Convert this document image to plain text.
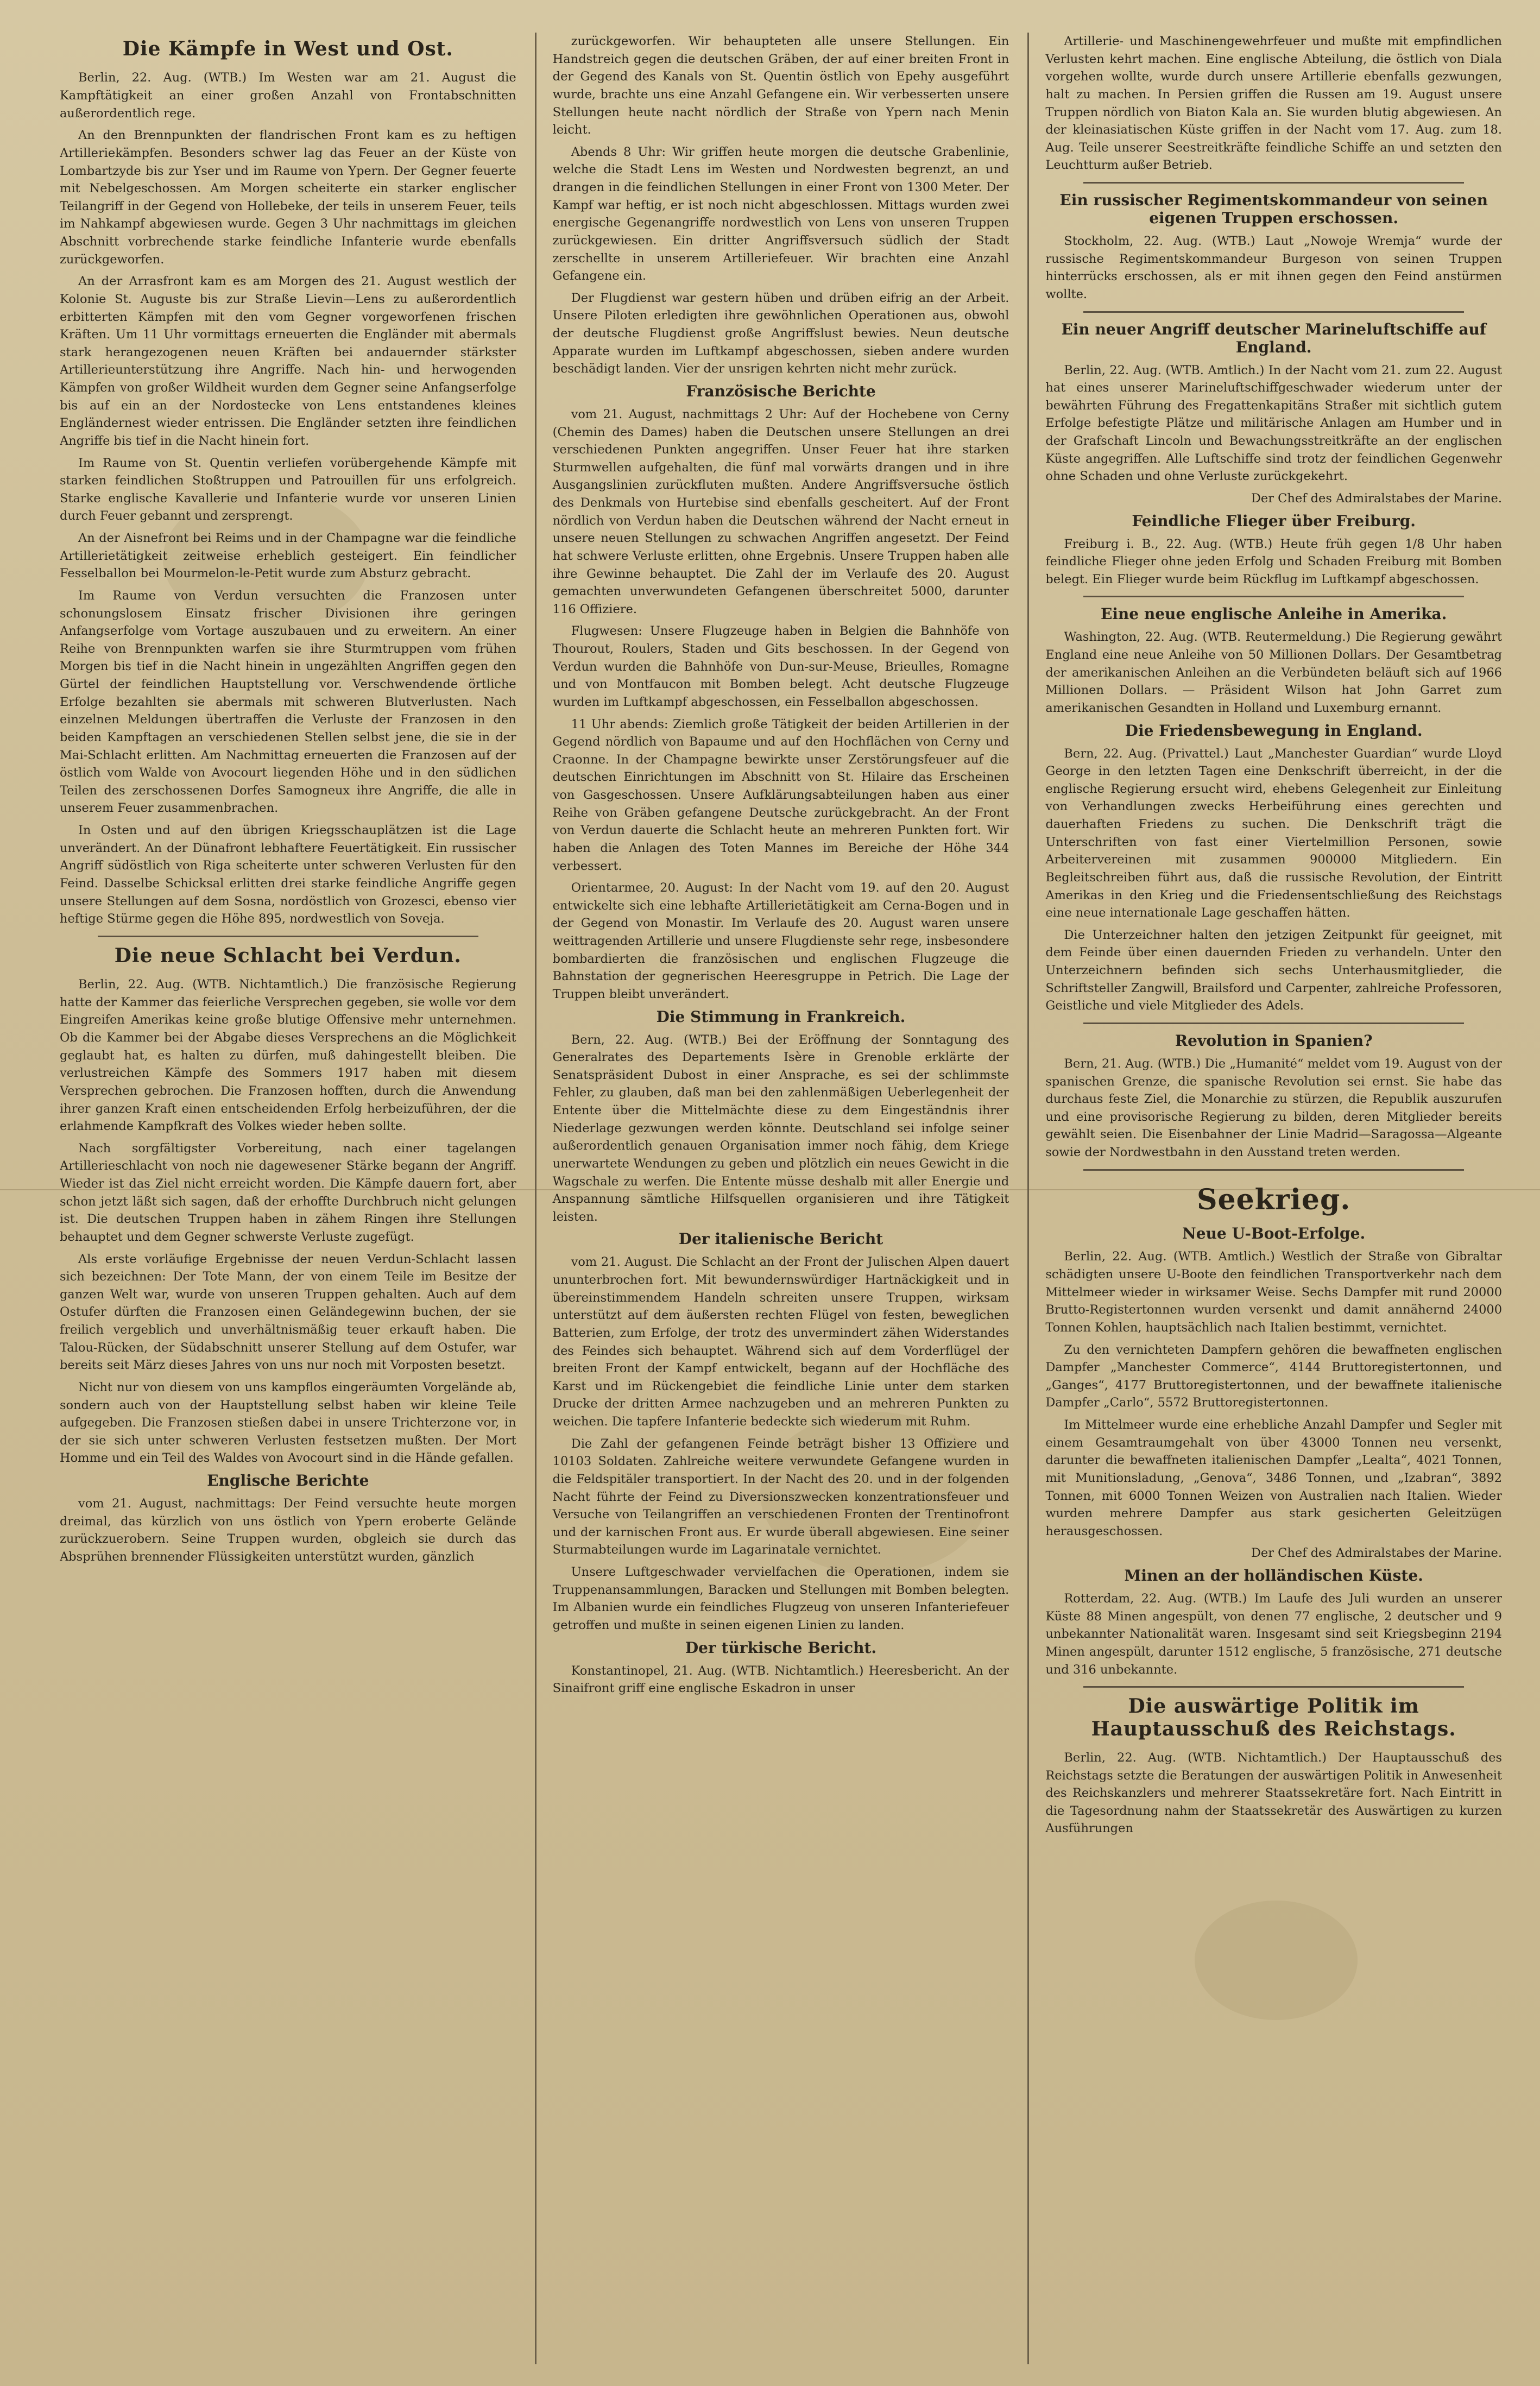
Die Kämpfe in West und Ost.

Berlin, 22. Aug. (WTB.) Im Westen war am 21. August die Kampftätigkeit an einer großen Anzahl von Frontabschnitten außerordentlich rege.

An den Brennpunkten der flandrischen Front kam es zu heftigen Artilleriekämpfen. Besonders schwer lag das Feuer an der Küste von Lombartzyde bis zur Yser und im Raume von Ypern. Der Gegner feuerte mit Nebelgeschossen. Am Morgen scheiterte ein starker englischer Teilangriff in der Gegend von Hollebeke, der teils in unserem Feuer, teils im Nahkampf abgewiesen wurde. Gegen 3 Uhr nachmittags im gleichen Abschnitt vorbrechende starke feindliche Infanterie wurde ebenfalls zurückgeworfen.

An der Arrasfront kam es am Morgen des 21. August westlich der Kolonie St. Auguste bis zur Straße Lievin—Lens zu außerordentlich erbitterten Kämpfen mit den vom Gegner vorgeworfenen frischen Kräften. Um 11 Uhr vormittags erneuerten die Engländer mit abermals stark herangezogenen neuen Kräften bei andauernder stärkster Artillerieunterstützung ihre Angriffe. Nach hin- und herwogenden Kämpfen von großer Wildheit wurden dem Gegner seine Anfangserfolge bis auf ein an der Nordostecke von Lens entstandenes kleines Engländernest wieder entrissen. Die Engländer setzten ihre feindlichen Angriffe bis tief in die Nacht hinein fort.

Im Raume von St. Quentin verliefen vorübergehende Kämpfe mit starken feindlichen Stoßtruppen und Patrouillen für uns erfolgreich. Starke englische Kavallerie und Infanterie wurde vor unseren Linien durch Feuer gebannt und zersprengt.

An der Aisnefront bei Reims und in der Champagne war die feindliche Artillerietätigkeit zeitweise erheblich gesteigert. Ein feindlicher Fesselballon bei Mourmelon-le-Petit wurde zum Absturz gebracht.

Im Raume von Verdun versuchten die Franzosen unter schonungslosem Einsatz frischer Divisionen ihre geringen Anfangserfolge vom Vortage auszubauen und zu erweitern. An einer Reihe von Brennpunkten warfen sie ihre Sturmtruppen vom frühen Morgen bis tief in die Nacht hinein in ungezählten Angriffen gegen den Gürtel der feindlichen Hauptstellung vor. Verschwendende örtliche Erfolge bezahlten sie abermals mit schweren Blutverlusten. Nach einzelnen Meldungen übertraffen die Verluste der Franzosen in den beiden Kampftagen an verschiedenen Stellen selbst jene, die sie in der Mai-Schlacht erlitten. Am Nachmittag erneuerten die Franzosen auf der östlich vom Walde von Avocourt liegenden Höhe und in den südlichen Teilen des zerschossenen Dorfes Samogneux ihre Angriffe, die alle in unserem Feuer zusammenbrachen.

In Osten und auf den übrigen Kriegsschauplätzen ist die Lage unverändert. An der Dünafront lebhaftere Feuertätigkeit. Ein russischer Angriff südöstlich von Riga scheiterte unter schweren Verlusten für den Feind. Dasselbe Schicksal erlitten drei starke feindliche Angriffe gegen unsere Stellungen auf dem Sosna, nordöstlich von Grozesci, ebenso vier heftige Stürme gegen die Höhe 895, nordwestlich von Soveja.

Die neue Schlacht bei Verdun.

Berlin, 22. Aug. (WTB. Nichtamtlich.) Die französische Regierung hatte der Kammer das feierliche Versprechen gegeben, sie wolle vor dem Eingreifen Amerikas keine große blutige Offensive mehr unternehmen. Ob die Kammer bei der Abgabe dieses Versprechens an die Möglichkeit geglaubt hat, es halten zu dürfen, muß dahingestellt bleiben. Die verlustreichen Kämpfe des Sommers 1917 haben mit diesem Versprechen gebrochen. Die Franzosen hofften, durch die Anwendung ihrer ganzen Kraft einen entscheidenden Erfolg herbeizuführen, der die erlahmende Kampfkraft des Volkes wieder heben sollte.

Nach sorgfältigster Vorbereitung, nach einer tagelangen Artillerieschlacht von noch nie dagewesener Stärke begann der Angriff. Wieder ist das Ziel nicht erreicht worden. Die Kämpfe dauern fort, aber schon jetzt läßt sich sagen, daß der erhoffte Durchbruch nicht gelungen ist. Die deutschen Truppen haben in zähem Ringen ihre Stellungen behauptet und dem Gegner schwerste Verluste zugefügt.

Als erste vorläufige Ergebnisse der neuen Verdun-Schlacht lassen sich bezeichnen: Der Tote Mann, der von einem Teile im Besitze der ganzen Welt war, wurde von unseren Truppen gehalten. Auch auf dem Ostufer dürften die Franzosen einen Geländegewinn buchen, der sie freilich vergeblich und unverhältnismäßig teuer erkauft haben. Die Talou-Rücken, der Südabschnitt unserer Stellung auf dem Ostufer, war bereits seit März dieses Jahres von uns nur noch mit Vorposten besetzt.

Nicht nur von diesem von uns kampflos eingeräumten Vorgelände ab, sondern auch von der Hauptstellung selbst haben wir kleine Teile aufgegeben. Die Franzosen stießen dabei in unsere Trichterzone vor, in der sie sich unter schweren Verlusten festsetzen mußten. Der Mort Homme und ein Teil des Waldes von Avocourt sind in die Hände gefallen.

Englische Berichte

vom 21. August, nachmittags: Der Feind versuchte heute morgen dreimal, das kürzlich von uns östlich von Ypern eroberte Gelände zurückzuerobern. Seine Truppen wurden, obgleich sie durch das Absprühen brennender Flüssigkeiten unterstützt wurden, gänzlich

zurückgeworfen. Wir behaupteten alle unsere Stellungen. Ein Handstreich gegen die deutschen Gräben, der auf einer breiten Front in der Gegend des Kanals von St. Quentin östlich von Epehy ausgeführt wurde, brachte uns eine Anzahl Gefangene ein. Wir verbesserten unsere Stellungen heute nacht nördlich der Straße von Ypern nach Menin leicht.

Abends 8 Uhr: Wir griffen heute morgen die deutsche Grabenlinie, welche die Stadt Lens im Westen und Nordwesten begrenzt, an und drangen in die feindlichen Stellungen in einer Front von 1300 Meter. Der Kampf war heftig, er ist noch nicht abgeschlossen. Mittags wurden zwei energische Gegenangriffe nordwestlich von Lens von unseren Truppen zurückgewiesen. Ein dritter Angriffsversuch südlich der Stadt zerschellte in unserem Artilleriefeuer. Wir brachten eine Anzahl Gefangene ein.

Der Flugdienst war gestern hüben und drüben eifrig an der Arbeit. Unsere Piloten erledigten ihre gewöhnlichen Operationen aus, obwohl der deutsche Flugdienst große Angriffslust bewies. Neun deutsche Apparate wurden im Luftkampf abgeschossen, sieben andere wurden beschädigt landen. Vier der unsrigen kehrten nicht mehr zurück.

Französische Berichte

vom 21. August, nachmittags 2 Uhr: Auf der Hochebene von Cerny (Chemin des Dames) haben die Deutschen unsere Stellungen an drei verschiedenen Punkten angegriffen. Unser Feuer hat ihre starken Sturmwellen aufgehalten, die fünf mal vorwärts drangen und in ihre Ausgangslinien zurückfluten mußten. Andere Angriffsversuche östlich des Denkmals von Hurtebise sind ebenfalls gescheitert. Auf der Front nördlich von Verdun haben die Deutschen während der Nacht erneut in unsere neuen Stellungen zu schwachen Angriffen angesetzt. Der Feind hat schwere Verluste erlitten, ohne Ergebnis. Unsere Truppen haben alle ihre Gewinne behauptet. Die Zahl der im Verlaufe des 20. August gemachten unverwundeten Gefangenen überschreitet 5000, darunter 116 Offiziere.

Flugwesen: Unsere Flugzeuge haben in Belgien die Bahnhöfe von Thourout, Roulers, Staden und Gits beschossen. In der Gegend von Verdun wurden die Bahnhöfe von Dun-sur-Meuse, Brieulles, Romagne und von Montfaucon mit Bomben belegt. Acht deutsche Flugzeuge wurden im Luftkampf abgeschossen, ein Fesselballon abgeschossen.

11 Uhr abends: Ziemlich große Tätigkeit der beiden Artillerien in der Gegend nördlich von Bapaume und auf den Hochflächen von Cerny und Craonne. In der Champagne bewirkte unser Zerstörungsfeuer auf die deutschen Einrichtungen im Abschnitt von St. Hilaire das Erscheinen von Gasgeschossen. Unsere Aufklärungsabteilungen haben aus einer Reihe von Gräben gefangene Deutsche zurückgebracht. An der Front von Verdun dauerte die Schlacht heute an mehreren Punkten fort. Wir haben die Anlagen des Toten Mannes im Bereiche der Höhe 344 verbessert.

Orientarmee, 20. August: In der Nacht vom 19. auf den 20. August entwickelte sich eine lebhafte Artillerietätigkeit am Cerna-Bogen und in der Gegend von Monastir. Im Verlaufe des 20. August waren unsere weittragenden Artillerie und unsere Flugdienste sehr rege, insbesondere bombardierten die französischen und englischen Flugzeuge die Bahnstation der gegnerischen Heeresgruppe in Petrich. Die Lage der Truppen bleibt unverändert.

Die Stimmung in Frankreich.

Bern, 22. Aug. (WTB.) Bei der Eröffnung der Sonntagung des Generalrates des Departements Isère in Grenoble erklärte der Senatspräsident Dubost in einer Ansprache, es sei der schlimmste Fehler, zu glauben, daß man bei den zahlenmäßigen Ueberlegenheit der Entente über die Mittelmächte diese zu dem Eingeständnis ihrer Niederlage gezwungen werden könnte. Deutschland sei infolge seiner außerordentlich genauen Organisation immer noch fähig, dem Kriege unerwartete Wendungen zu geben und plötzlich ein neues Gewicht in die Wagschale zu werfen. Die Entente müsse deshalb mit aller Energie und Anspannung sämtliche Hilfsquellen organisieren und ihre Tätigkeit leisten.

Der italienische Bericht

vom 21. August. Die Schlacht an der Front der Julischen Alpen dauert ununterbrochen fort. Mit bewundernswürdiger Hartnäckigkeit und in übereinstimmendem Handeln schreiten unsere Truppen, wirksam unterstützt auf dem äußersten rechten Flügel von festen, beweglichen Batterien, zum Erfolge, der trotz des unvermindert zähen Widerstandes des Feindes sich behauptet. Während sich auf dem Vorderflügel der breiten Front der Kampf entwickelt, begann auf der Hochfläche des Karst und im Rückengebiet die feindliche Linie unter dem starken Drucke der dritten Armee nachzugeben und an mehreren Punkten zu weichen. Die tapfere Infanterie bedeckte sich wiederum mit Ruhm.

Die Zahl der gefangenen Feinde beträgt bisher 13 Offiziere und 10103 Soldaten. Zahlreiche weitere verwundete Gefangene wurden in die Feldspitäler transportiert. In der Nacht des 20. und in der folgenden Nacht führte der Feind zu Diversionszwecken konzentrationsfeuer und Versuche von Teilangriffen an verschiedenen Fronten der Trentinofront und der karnischen Front aus. Er wurde überall abgewiesen. Eine seiner Sturmabteilungen wurde im Lagarinatale vernichtet.

Unsere Luftgeschwader vervielfachen die Operationen, indem sie Truppenansammlungen, Baracken und Stellungen mit Bomben belegten. Im Albanien wurde ein feindliches Flugzeug von unseren Infanteriefeuer getroffen und mußte in seinen eigenen Linien zu landen.

Der türkische Bericht.

Konstantinopel, 21. Aug. (WTB. Nichtamtlich.) Heeresbericht. An der Sinaifront griff eine englische Eskadron in unser

Artillerie- und Maschinengewehrfeuer und mußte mit empfindlichen Verlusten kehrt machen. Eine englische Abteilung, die östlich von Diala vorgehen wollte, wurde durch unsere Artillerie ebenfalls gezwungen, halt zu machen. In Persien griffen die Russen am 19. August unsere Truppen nördlich von Biaton Kala an. Sie wurden blutig abgewiesen. An der kleinasiatischen Küste griffen in der Nacht vom 17. Aug. zum 18. Aug. Teile unserer Seestreitkräfte feindliche Schiffe an und setzten den Leuchtturm außer Betrieb.

Ein russischer Regimentskommandeur von seinen eigenen Truppen erschossen.

Stockholm, 22. Aug. (WTB.) Laut „Nowoje Wremja“ wurde der russische Regimentskommandeur Burgeson von seinen Truppen hinterrücks erschossen, als er mit ihnen gegen den Feind anstürmen wollte.

Ein neuer Angriff deutscher Marineluftschiffe auf England.

Berlin, 22. Aug. (WTB. Amtlich.) In der Nacht vom 21. zum 22. August hat eines unserer Marineluftschiffgeschwader wiederum unter der bewährten Führung des Fregattenkapitäns Straßer mit sichtlich gutem Erfolge befestigte Plätze und militärische Anlagen am Humber und in der Grafschaft Lincoln und Bewachungsstreitkräfte an der englischen Küste angegriffen. Alle Luftschiffe sind trotz der feindlichen Gegenwehr ohne Schaden und ohne Verluste zurückgekehrt.

Der Chef des Admiralstabes der Marine.

Feindliche Flieger über Freiburg.

Freiburg i. B., 22. Aug. (WTB.) Heute früh gegen 1/8 Uhr haben feindliche Flieger ohne jeden Erfolg und Schaden Freiburg mit Bomben belegt. Ein Flieger wurde beim Rückflug im Luftkampf abgeschossen.

Eine neue englische Anleihe in Amerika.

Washington, 22. Aug. (WTB. Reutermeldung.) Die Regierung gewährt England eine neue Anleihe von 50 Millionen Dollars. Der Gesamtbetrag der amerikanischen Anleihen an die Verbündeten beläuft sich auf 1966 Millionen Dollars. — Präsident Wilson hat John Garret zum amerikanischen Gesandten in Holland und Luxemburg ernannt.

Die Friedensbewegung in England.

Bern, 22. Aug. (Privattel.) Laut „Manchester Guardian“ wurde Lloyd George in den letzten Tagen eine Denkschrift überreicht, in der die englische Regierung ersucht wird, ehebens Gelegenheit zur Einleitung von Verhandlungen zwecks Herbeiführung eines gerechten und dauerhaften Friedens zu suchen. Die Denkschrift trägt die Unterschriften von fast einer Viertelmillion Personen, sowie Arbeitervereinen mit zusammen 900000 Mitgliedern. Ein Begleitschreiben führt aus, daß die russische Revolution, der Eintritt Amerikas in den Krieg und die Friedensentschließung des Reichstags eine neue internationale Lage geschaffen hätten.

Die Unterzeichner halten den jetzigen Zeitpunkt für geeignet, mit dem Feinde über einen dauernden Frieden zu verhandeln. Unter den Unterzeichnern befinden sich sechs Unterhausmitglieder, die Schriftsteller Zangwill, Brailsford und Carpenter, zahlreiche Professoren, Geistliche und viele Mitglieder des Adels.

Revolution in Spanien?

Bern, 21. Aug. (WTB.) Die „Humanité“ meldet vom 19. August von der spanischen Grenze, die spanische Revolution sei ernst. Sie habe das durchaus feste Ziel, die Monarchie zu stürzen, die Republik auszurufen und eine provisorische Regierung zu bilden, deren Mitglieder bereits gewählt seien. Die Eisenbahner der Linie Madrid—Saragossa—Algeante sowie der Nordwestbahn in den Ausstand treten werden.

Seekrieg.
Neue U-Boot-Erfolge.

Berlin, 22. Aug. (WTB. Amtlich.) Westlich der Straße von Gibraltar schädigten unsere U-Boote den feindlichen Transportverkehr nach dem Mittelmeer wieder in wirksamer Weise. Sechs Dampfer mit rund 20000 Brutto-Registertonnen wurden versenkt und damit annähernd 24000 Tonnen Kohlen, hauptsächlich nach Italien bestimmt, vernichtet.

Zu den vernichteten Dampfern gehören die bewaffneten englischen Dampfer „Manchester Commerce“, 4144 Bruttoregistertonnen, und „Ganges“, 4177 Bruttoregistertonnen, und der bewaffnete italienische Dampfer „Carlo“, 5572 Bruttoregistertonnen.

Im Mittelmeer wurde eine erhebliche Anzahl Dampfer und Segler mit einem Gesamtraumgehalt von über 43000 Tonnen neu versenkt, darunter die bewaffneten italienischen Dampfer „Lealta“, 4021 Tonnen, mit Munitionsladung, „Genova“, 3486 Tonnen, und „Izabran“, 3892 Tonnen, mit 6000 Tonnen Weizen von Australien nach Italien. Wieder wurden mehrere Dampfer aus stark gesicherten Geleitzügen herausgeschossen.

Der Chef des Admiralstabes der Marine.

Minen an der holländischen Küste.

Rotterdam, 22. Aug. (WTB.) Im Laufe des Juli wurden an unserer Küste 88 Minen angespült, von denen 77 englische, 2 deutscher und 9 unbekannter Nationalität waren. Insgesamt sind seit Kriegsbeginn 2194 Minen angespült, darunter 1512 englische, 5 französische, 271 deutsche und 316 unbekannte.

Die auswärtige Politik im Hauptausschuß des Reichstags.

Berlin, 22. Aug. (WTB. Nichtamtlich.) Der Hauptausschuß des Reichstags setzte die Beratungen der auswärtigen Politik in Anwesenheit des Reichskanzlers und mehrerer Staatssekretäre fort. Nach Eintritt in die Tagesordnung nahm der Staatssekretär des Auswärtigen zu kurzen Ausführungen
